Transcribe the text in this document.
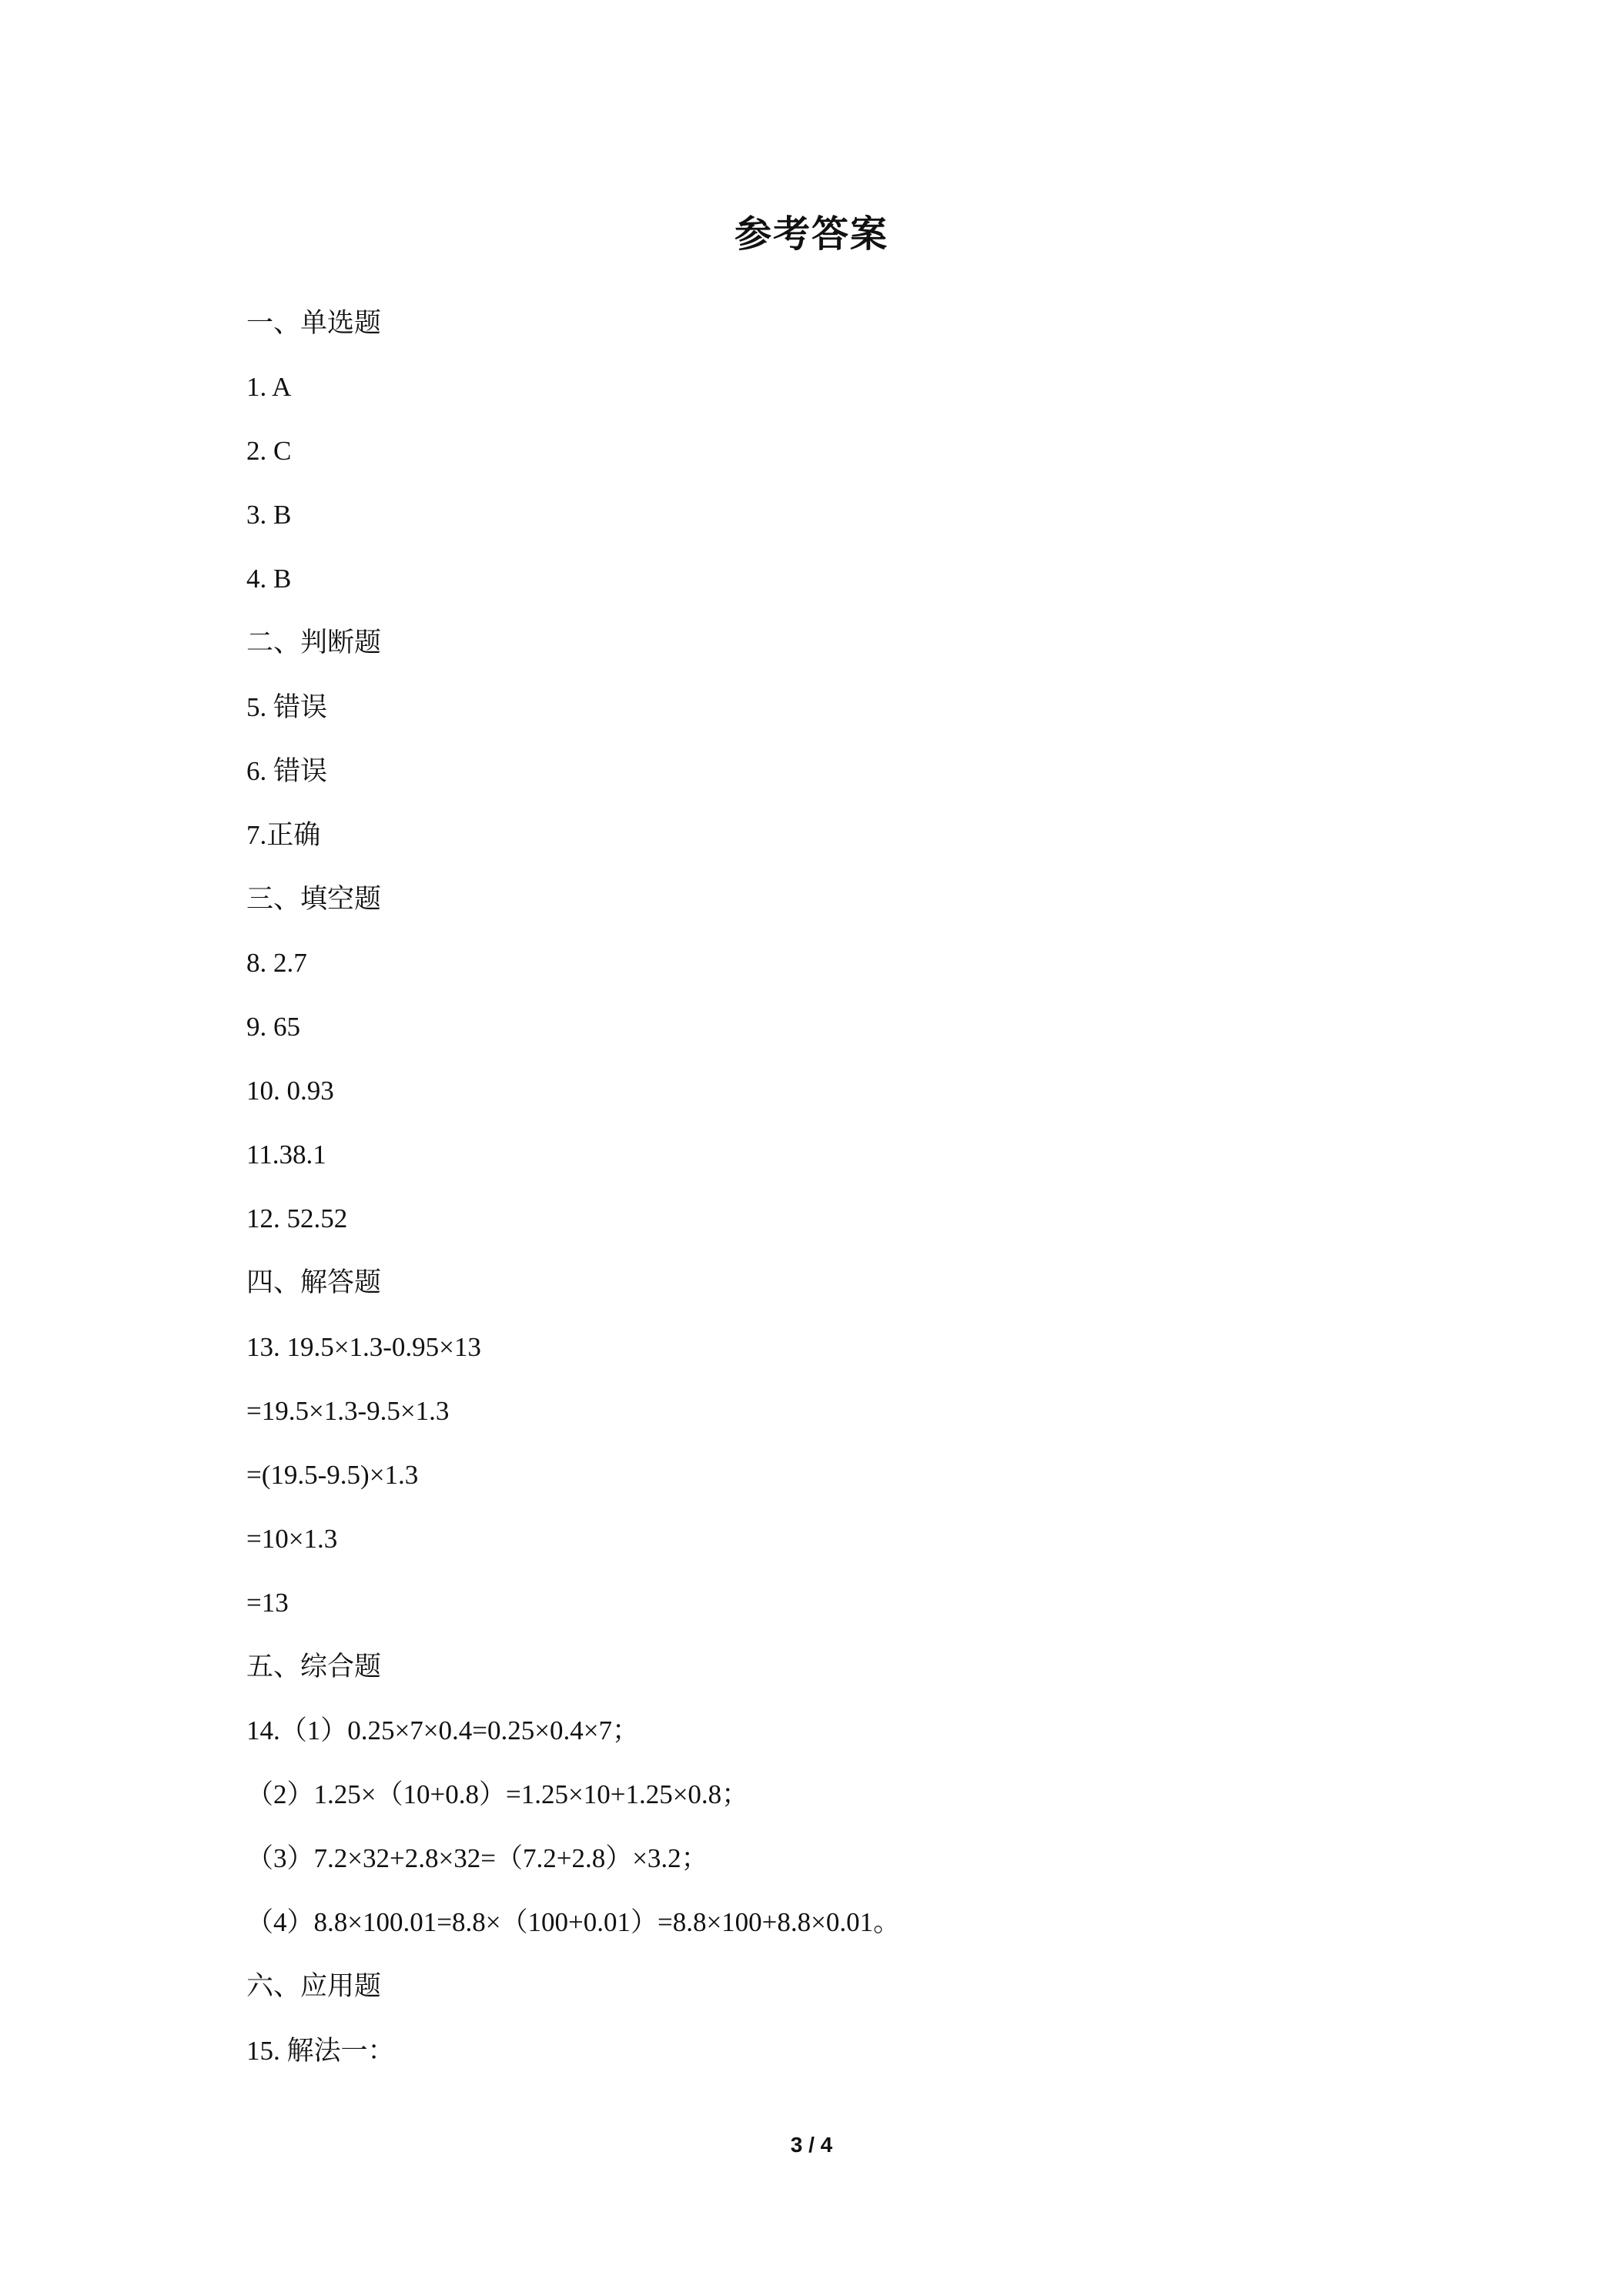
参考答案
一、单选题
1. A
2. C
3. B
4. B
二、判断题
5. 错误
6. 错误
7.正确
三、填空题
8. 2.7
9. 65
10. 0.93
11.38.1
12. 52.52
四、解答题
13. 19.5×1.3-0.95×13
=19.5×1.3-9.5×1.3
=(19.5-9.5)×1.3
=10×1.3
=13
五、综合题
14.（1）0.25×7×0.4=0.25×0.4×7；
（2）1.25×（10+0.8）=1.25×10+1.25×0.8；
（3）7.2×32+2.8×32=（7.2+2.8）×3.2；
（4）8.8×100.01=8.8×（100+0.01）=8.8×100+8.8×0.01。
六、应用题
15. 解法一：
3 / 4
